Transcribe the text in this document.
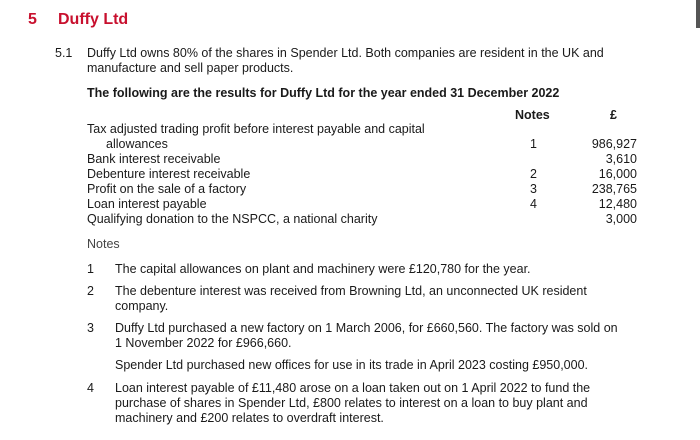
5 Duffy Ltd
5.1 Duffy Ltd owns 80% of the shares in Spender Ltd. Both companies are resident in the UK and
manufacture and sell paper products.
The following are the results for Duffy Ltd for the year ended 31 December 2022
Notes	£
Tax adjusted trading profit before interest payable and capital
allowances	1	986,927
Bank interest receivable	3,610
Debenture interest receivable	2	16,000
Profit on the sale of a factory	3	238,765
Loan interest payable	4	12,480
Qualifying donation to the NSPCC, a national charity	3,000
Notes
1 The capital allowances on plant and machinery were £120,780 for the year.
2 The debenture interest was received from Browning Ltd, an unconnected UK resident
company.
3 Duffy Ltd purchased a new factory on 1 March 2006, for £660,560. The factory was sold on
1 November 2022 for £966,660.
Spender Ltd purchased new offices for use in its trade in April 2023 costing £950,000.
4 Loan interest payable of £11,480 arose on a loan taken out on 1 April 2022 to fund the
purchase of shares in Spender Ltd, £800 relates to interest on a loan to buy plant and
machinery and £200 relates to overdraft interest.
